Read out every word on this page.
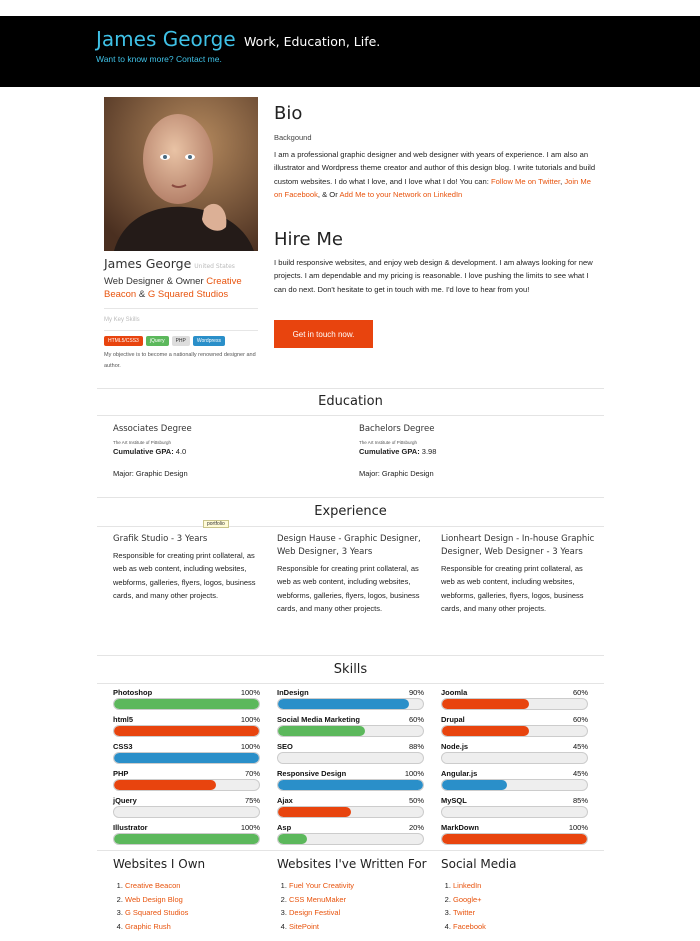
James George Work, Education, Life.
Want to know more? Contact me.
James George United States
Web Designer & Owner Creative Beacon & G Squared Studios
My Key Skills
HTML5/CSS3	jQuery	PHP	Wordpress
My objective is to become a nationally renowned designer and author.
Bio
Backgound
I am a professional graphic designer and web designer with years of experience. I am also an illustrator and Wordpress theme creator and author of this design blog. I write tutorials and build custom websites. I do what I love, and I love what I do! You can: Follow Me on Twitter, Join Me on Facebook, & Or Add Me to your Network on LinkedIn
Hire Me
I build responsive websites, and enjoy web design & development. I am always looking for new projects. I am dependable and my pricing is reasonable. I love pushing the limits to see what I can do next. Don't hesitate to get in touch with me. I'd love to hear from you!
Get in touch now.
Education
Associates Degree
The Art Institute of Pittsburgh
Cumulative GPA: 4.0
Major: Graphic Design
Bachelors Degree
The Art Institute of Pittsburgh
Cumulative GPA: 3.98
Major: Graphic Design
Experience
portfolio
Grafik Studio - 3 Years
Responsible for creating print collateral, as web as web content, including websites, webforms, galleries, flyers, logos, business cards, and many other projects.
Design Hause - Graphic Designer, Web Designer, 3 Years
Responsible for creating print collateral, as web as web content, including websites, webforms, galleries, flyers, logos, business cards, and many other projects.
Lionheart Design - In-house Graphic Designer, Web Designer - 3 Years
Responsible for creating print collateral, as web as web content, including websites, webforms, galleries, flyers, logos, business cards, and many other projects.
Skills
Photoshop	100%
html5	100%
CSS3	100%
PHP	70%
jQuery	75%
Illustrator	100%
InDesign	90%
Social Media Marketing	60%
SEO	88%
Responsive Design	100%
Ajax	50%
Asp	20%
Joomla	60%
Drupal	60%
Node.js	45%
Angular.js	45%
MySQL	85%
MarkDown	100%
Websites I Own
1. Creative Beacon
2. Web Design Blog
3. G Squared Studios
4. Graphic Rush
Websites I've Written For
1. Fuel Your Creativity
2. CSS MenuMaker
3. Design Festival
4. SitePoint
Social Media
1. LinkedIn
2. Google+
3. Twitter
4. Facebook
